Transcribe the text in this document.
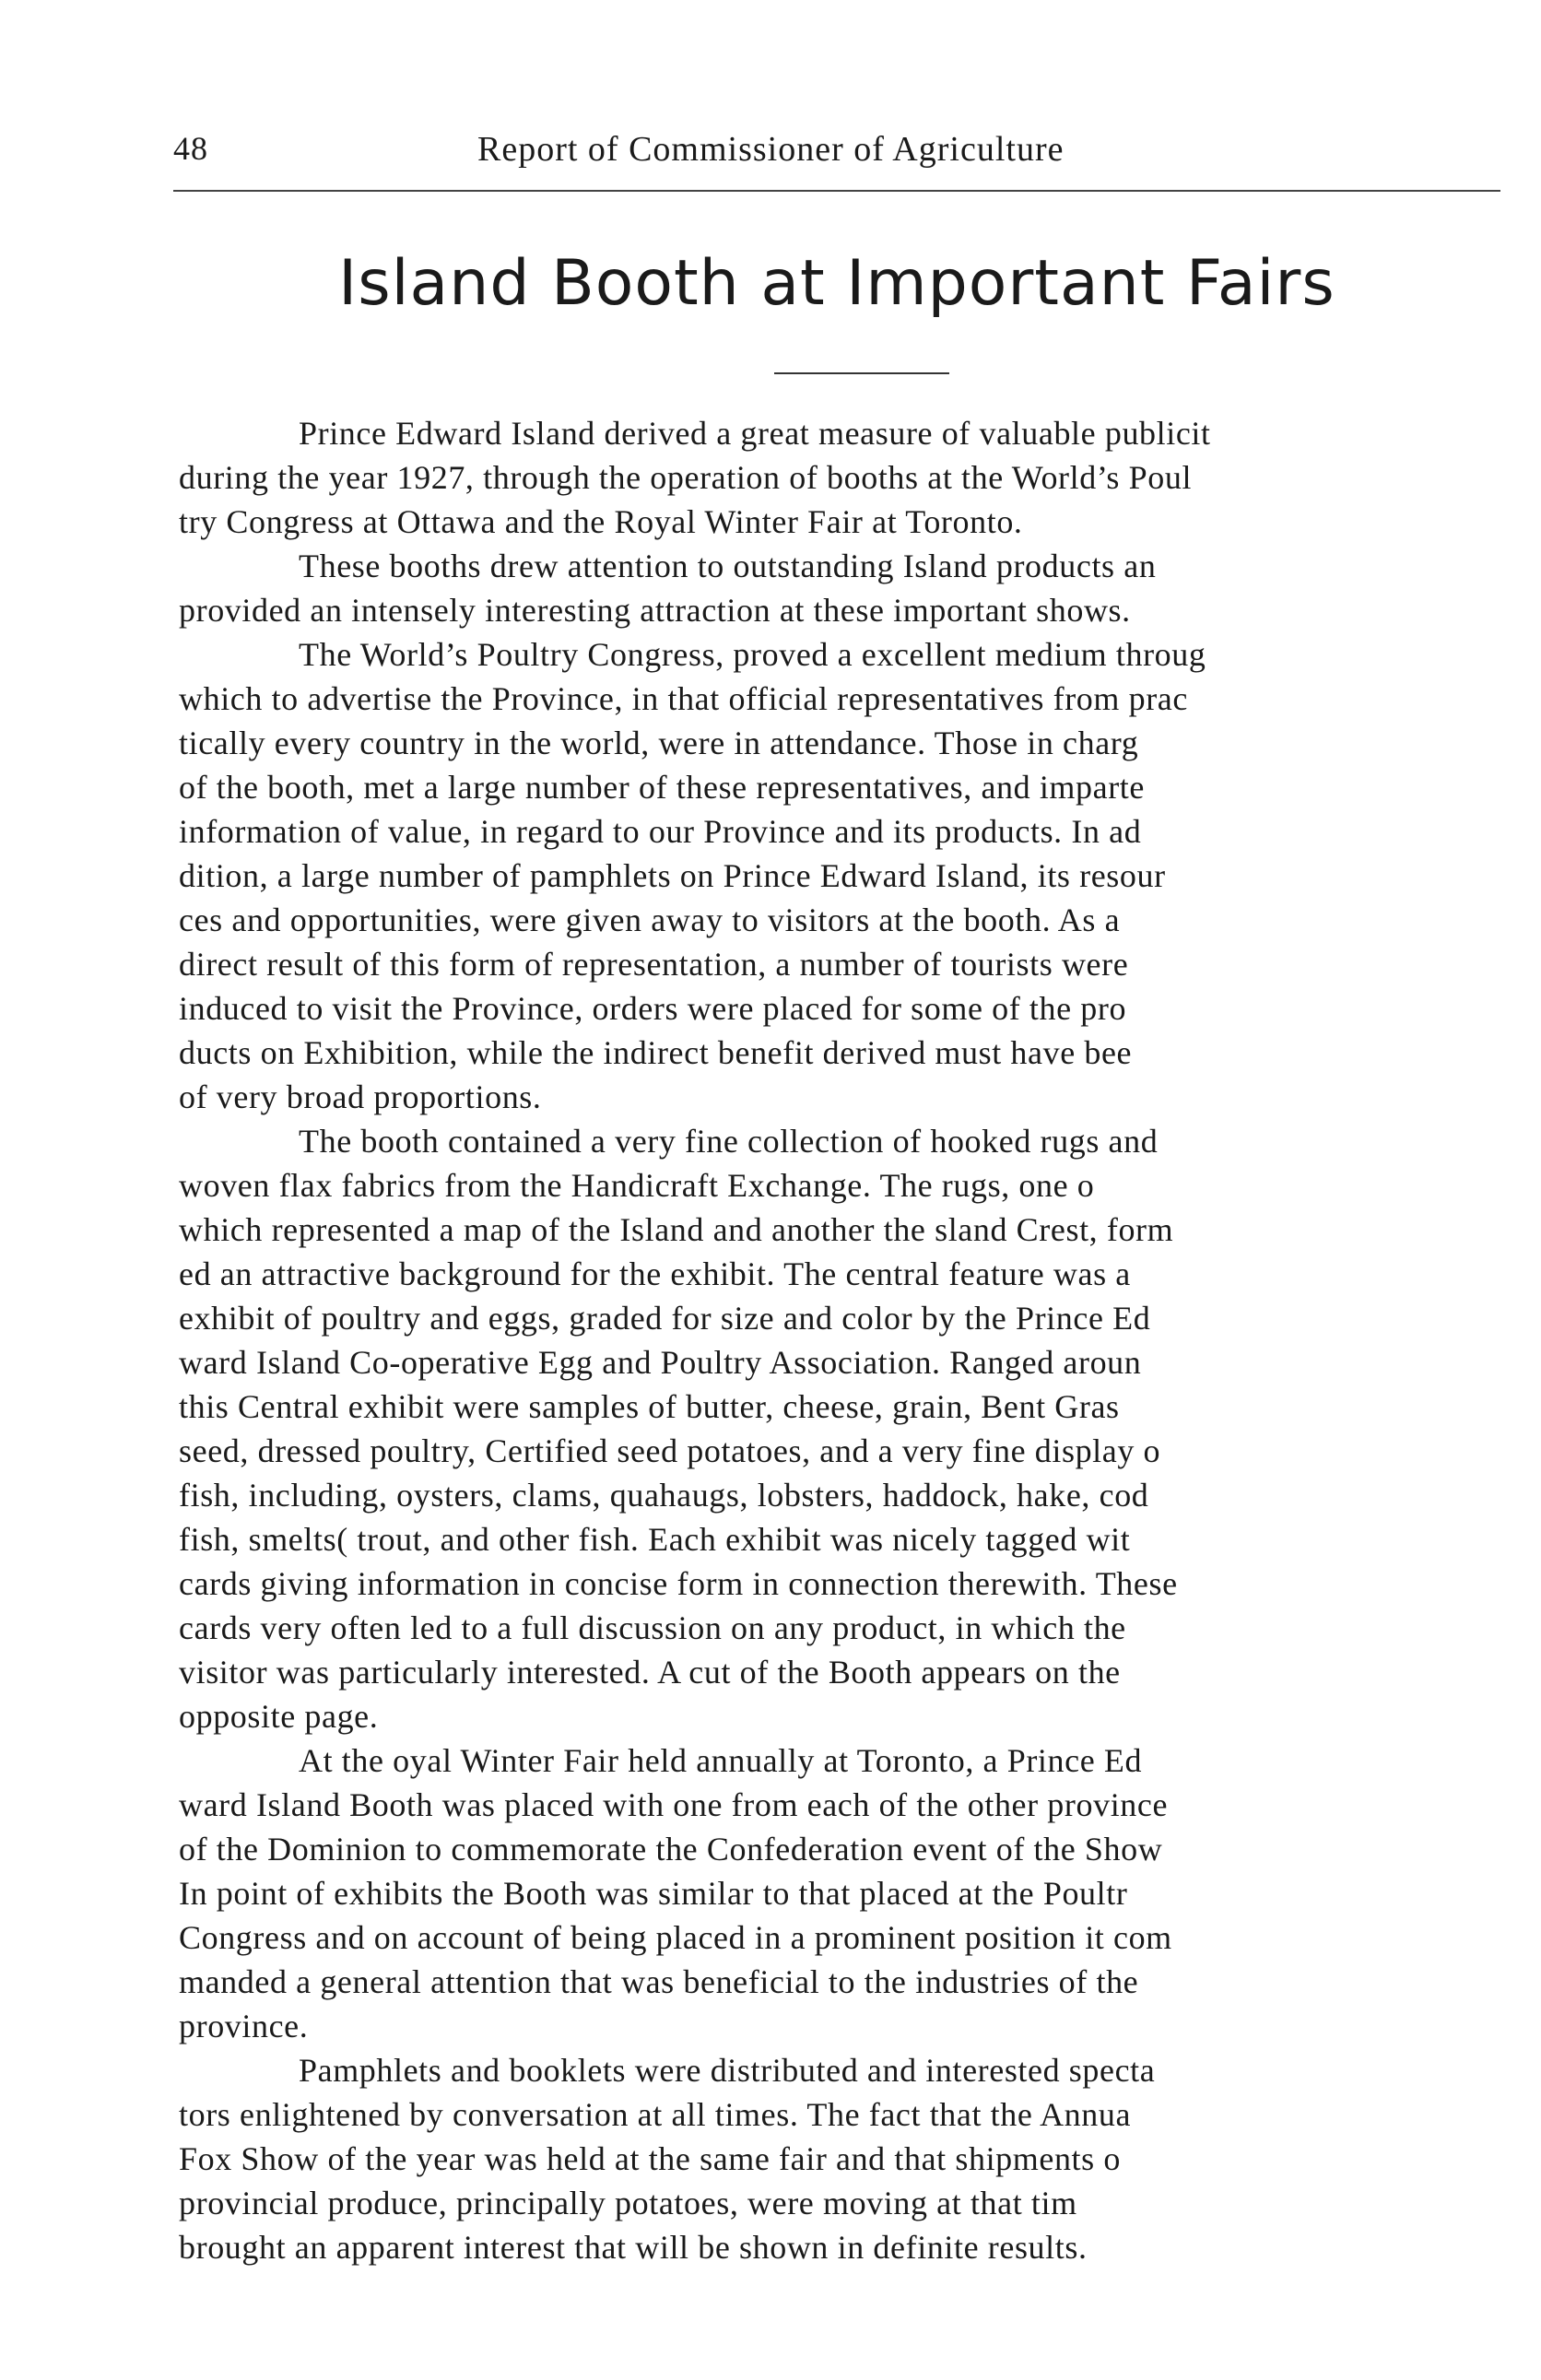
48	Report of Commissioner of Agriculture
Island Booth at Important Fairs
Prince Edward Island derived a great measure of valuable publicit
during the year 1927, through the operation of booths at the World’s Poul
try Congress at Ottawa and the Royal Winter Fair at Toronto.
These booths drew attention to outstanding Island products an
provided an intensely interesting attraction at these important shows.
The World’s Poultry Congress, proved a excellent medium throug
which to advertise the Province, in that official representatives from prac
tically every country in the world, were in attendance. Those in charg
of the booth, met a large number of these representatives, and imparte
information of value, in regard to our Province and its products. In ad
dition, a large number of pamphlets on Prince Edward Island, its resour
ces and opportunities, were given away to visitors at the booth. As a
direct result of this form of representation, a number of tourists were
induced to visit the Province, orders were placed for some of the pro
ducts on Exhibition, while the indirect benefit derived must have bee
of very broad proportions.
The booth contained a very fine collection of hooked rugs and
woven flax fabrics from the Handicraft Exchange. The rugs, one o
which represented a map of the Island and another the sland Crest, form
ed an attractive background for the exhibit. The central feature was a
exhibit of poultry and eggs, graded for size and color by the Prince Ed
ward Island Co-operative Egg and Poultry Association. Ranged aroun
this Central exhibit were samples of butter, cheese, grain, Bent Gras
seed, dressed poultry, Certified seed potatoes, and a very fine display o
fish, including, oysters, clams, quahaugs, lobsters, haddock, hake, cod
fish, smelts( trout, and other fish. Each exhibit was nicely tagged wit
cards giving information in concise form in connection therewith. These
cards very often led to a full discussion on any product, in which the
visitor was particularly interested. A cut of the Booth appears on the
opposite page.
At the oyal Winter Fair held annually at Toronto, a Prince Ed
ward Island Booth was placed with one from each of the other province
of the Dominion to commemorate the Confederation event of the Show
In point of exhibits the Booth was similar to that placed at the Poultr
Congress and on account of being placed in a prominent position it com
manded a general attention that was beneficial to the industries of the
province.
Pamphlets and booklets were distributed and interested specta
tors enlightened by conversation at all times. The fact that the Annua
Fox Show of the year was held at the same fair and that shipments o
provincial produce, principally potatoes, were moving at that tim
brought an apparent interest that will be shown in definite results.
